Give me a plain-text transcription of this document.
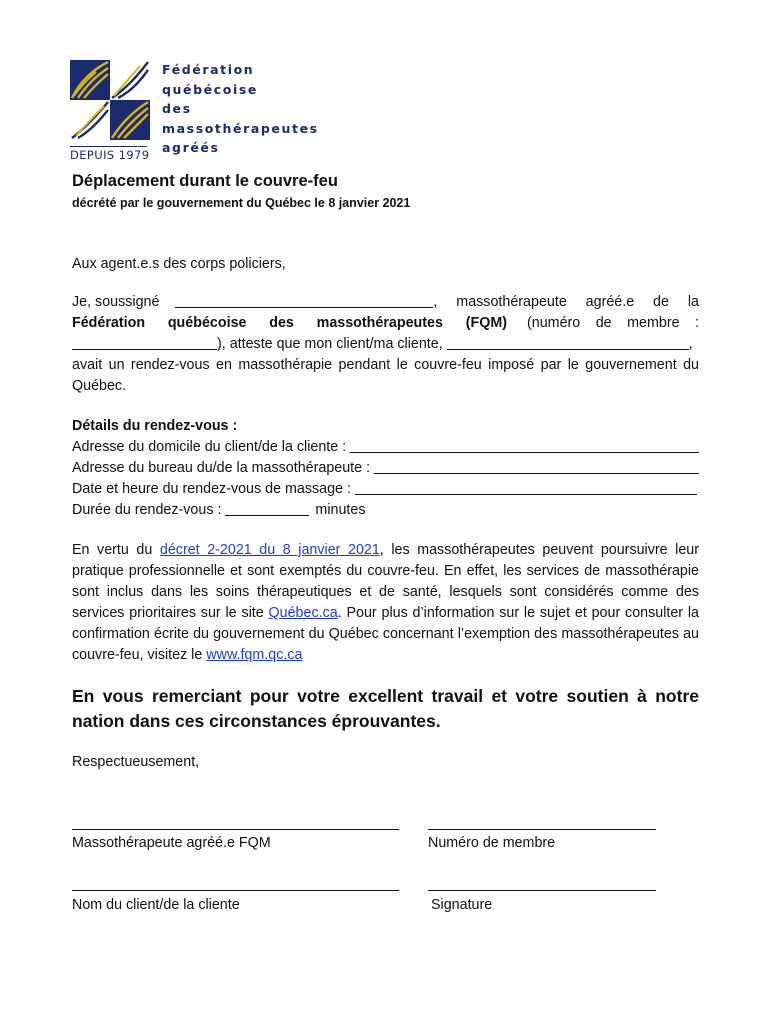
Fédération
québécoise
des massothérapeutes
agréés
DEPUIS 1979
Déplacement durant le couvre-feu
décrété par le gouvernement du Québec le 8 janvier 2021
Aux agent.e.s des corps policiers,
Je, soussigné	, massothérapeute agréé.e de la
Fédération québécoise des massothérapeutes (FQM) (numéro de membre :
), atteste que mon client/ma cliente,	,
avait un rendez-vous en massothérapie pendant le couvre-feu imposé par le gouvernement du Québec.
Détails du rendez-vous :
Adresse du domicile du client/de la cliente :
Adresse du bureau du/de la massothérapeute :
Date et heure du rendez-vous de massage :
Durée du rendez-vous :	minutes
En vertu du décret 2-2021 du 8 janvier 2021, les massothérapeutes peuvent poursuivre leur pratique professionnelle et sont exemptés du couvre-feu. En effet, les services de massothérapie sont inclus dans les soins thérapeutiques et de santé, lesquels sont considérés comme des services prioritaires sur le site Québec.ca. Pour plus d’information sur le sujet et pour consulter la confirmation écrite du gouvernement du Québec concernant l’exemption des massothérapeutes au couvre-feu, visitez le www.fqm.qc.ca
En vous remerciant pour votre excellent travail et votre soutien à notre nation dans ces circonstances éprouvantes.
Respectueusement,
Massothérapeute agréé.e FQM	Numéro de membre
Nom du client/de la cliente	Signature
